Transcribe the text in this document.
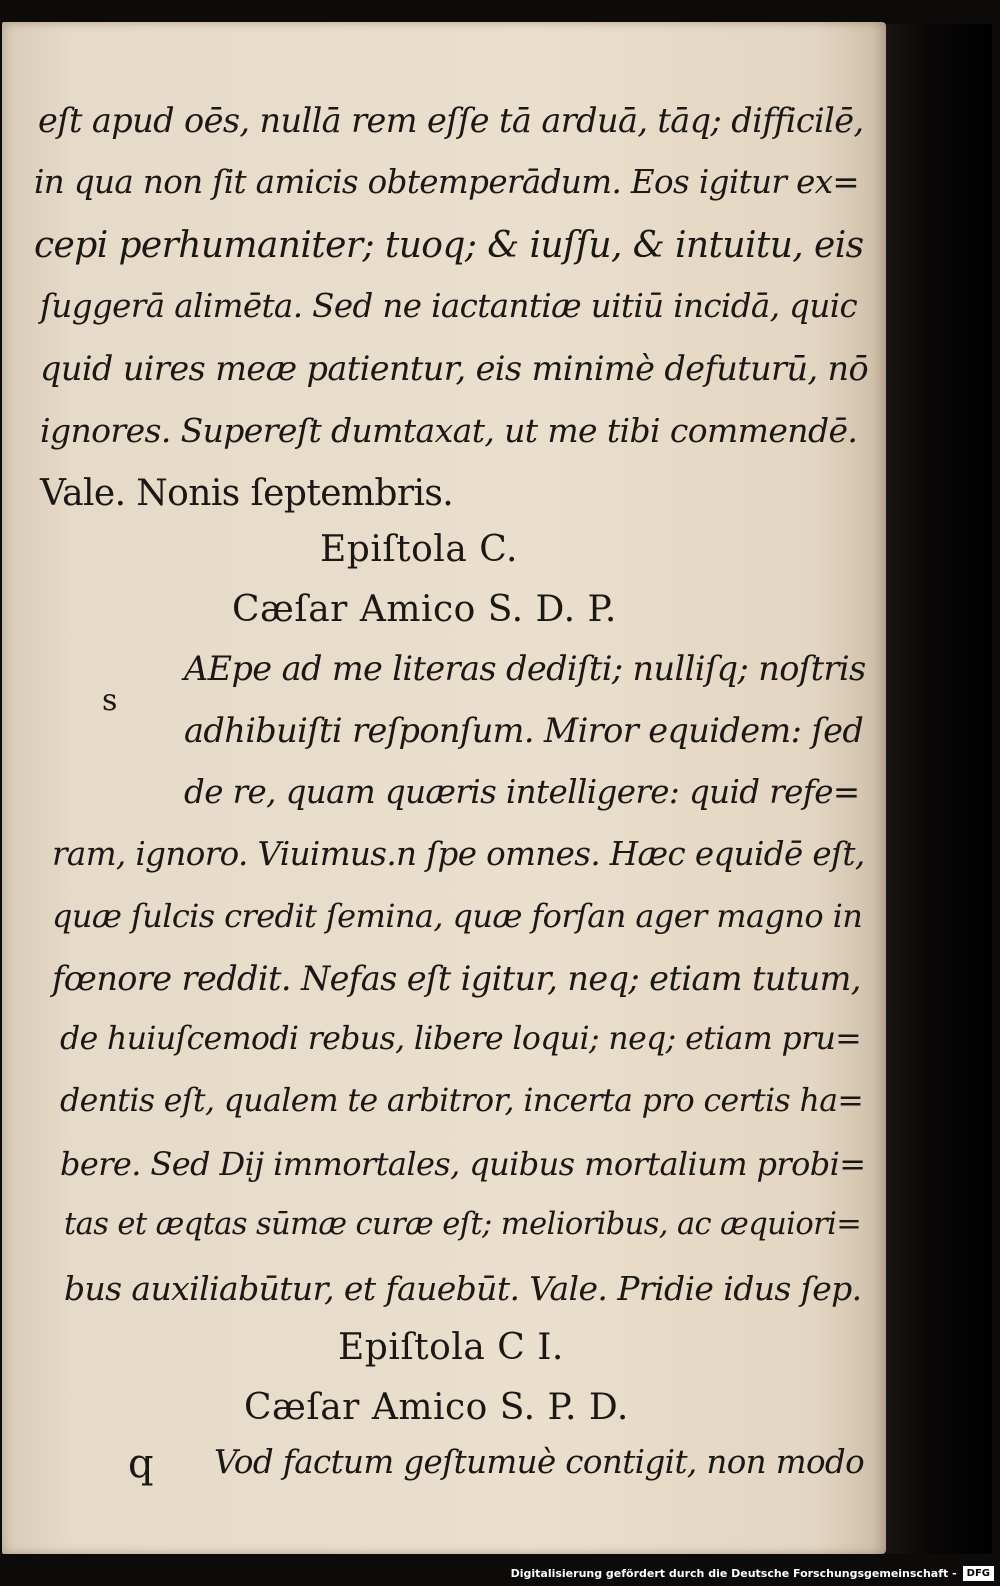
eſt apud oēs, nullā rem eſſe tā arduā, tāq; difficilē,
in qua non ſit amicis obtemperādum. Eos igitur ex=
cepi perhumaniter; tuoq; & iuſſu, & intuitu, eis
ſuggerā alimēta. Sed ne iactantiæ uitiū incidā, quic
quid uires meæ patientur, eis minimè defuturū, nō
ignores. Supereſt dumtaxat, ut me tibi commendē.
Vale. Nonis ſeptembris.
Epiſtola C.
Cæſar Amico S. D. P.
s
AEpe ad me literas dediſti; nulliſq; noſtris
adhibuiſti reſponſum. Miror equidem: ſed
de re, quam quæris intelligere: quid refe=
ram, ignoro. Viuimus.n ſpe omnes. Hæc equidē eſt,
quæ ſulcis credit ſemina, quæ forſan ager magno in
fœnore reddit. Nefas eſt igitur, neq; etiam tutum,
de huiuſcemodi rebus, libere loqui; neq; etiam pru=
dentis eſt, qualem te arbitror, incerta pro certis ha=
bere. Sed Dij immortales, quibus mortalium probi=
tas et æqtas sūmæ curæ eſt; melioribus, ac æquiori=
bus auxiliabūtur, et fauebūt. Vale. Pridie idus ſep.
Epiſtola C I.
Cæſar Amico S. P. D.
q Vod factum geſtumuè contigit, non modo
Digitalisierung gefördert durch die Deutsche Forschungsgemeinschaft -	DFG
